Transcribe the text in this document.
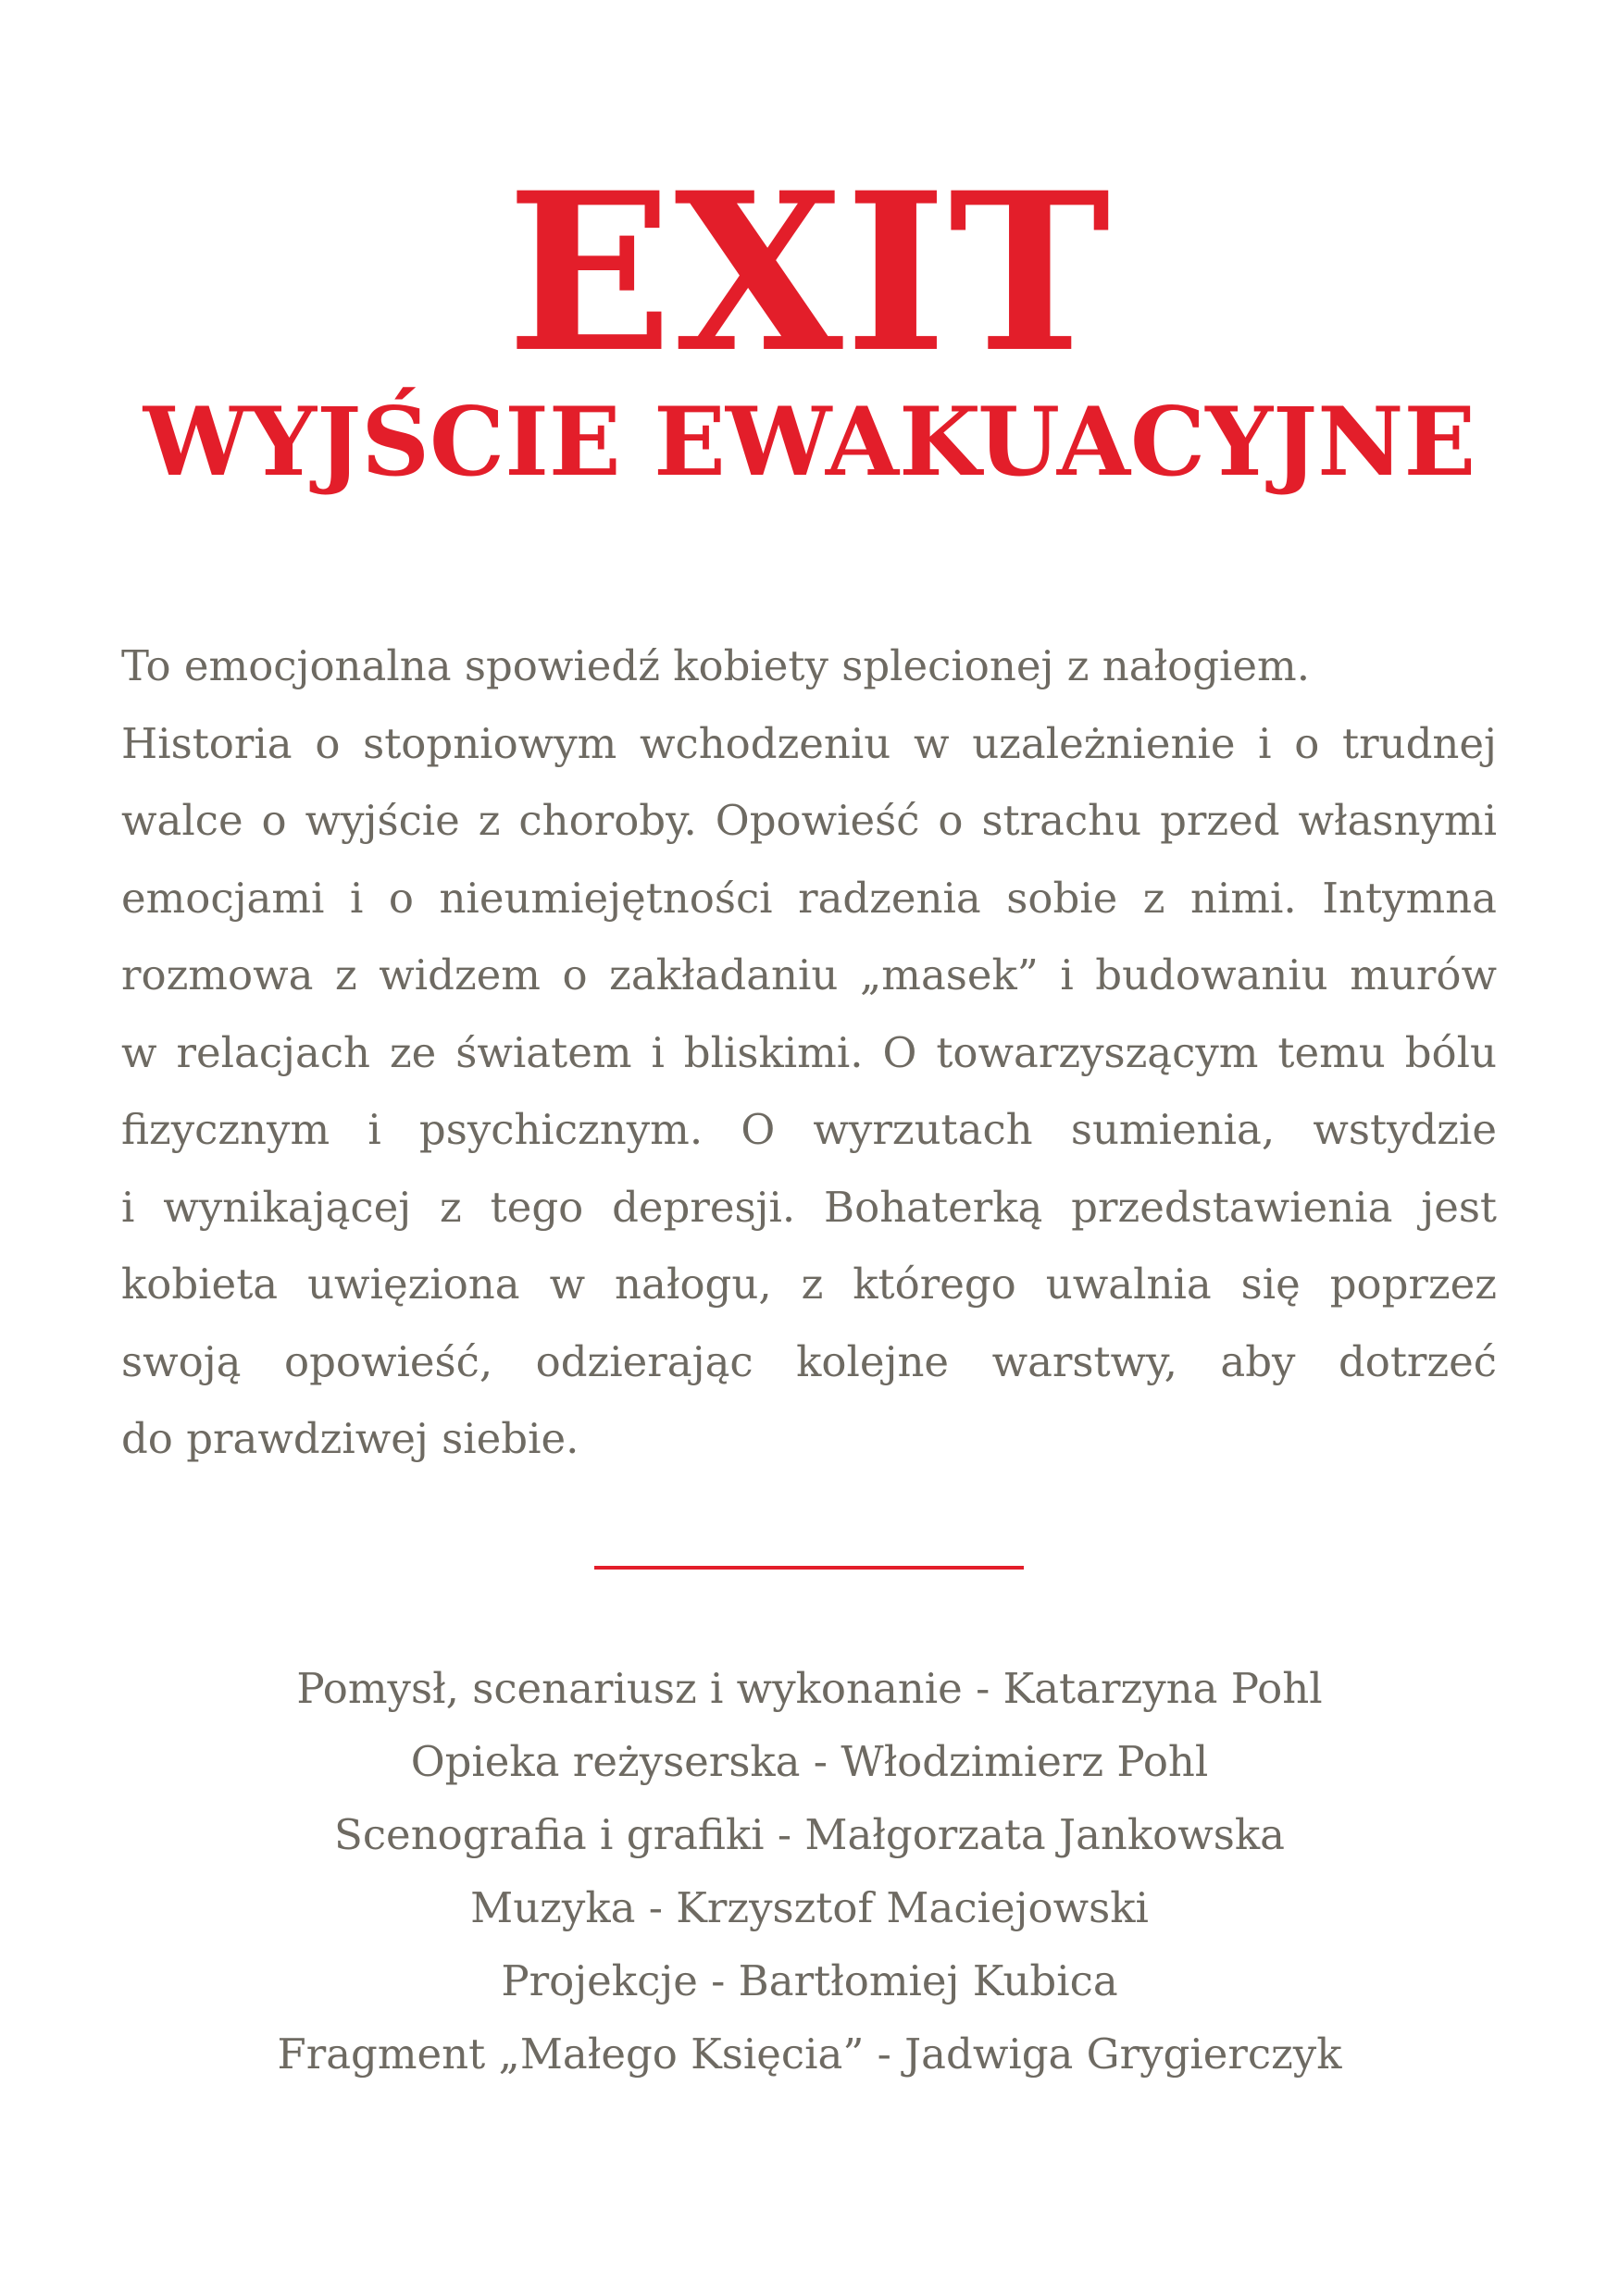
EXIT
WYJŚCIE EWAKUACYJNE
To emocjonalna spowiedź kobiety splecionej z nałogiem.
Historia o stopniowym wchodzeniu w uzależnienie i o trudnej
walce o wyjście z choroby. Opowieść o strachu przed własnymi
emocjami i o nieumiejętności radzenia sobie z nimi. Intymna
rozmowa z widzem o zakładaniu „masek” i budowaniu murów
w relacjach ze światem i bliskimi. O towarzyszącym temu bólu
fizycznym i psychicznym. O wyrzutach sumienia, wstydzie
i wynikającej z tego depresji. Bohaterką przedstawienia jest
kobieta uwięziona w nałogu, z którego uwalnia się poprzez
swoją opowieść, odzierając kolejne warstwy, aby dotrzeć
do prawdziwej siebie.
Pomysł, scenariusz i wykonanie - Katarzyna Pohl
Opieka reżyserska - Włodzimierz Pohl
Scenografia i grafiki - Małgorzata Jankowska
Muzyka - Krzysztof Maciejowski
Projekcje - Bartłomiej Kubica
Fragment „Małego Księcia” - Jadwiga Grygierczyk
